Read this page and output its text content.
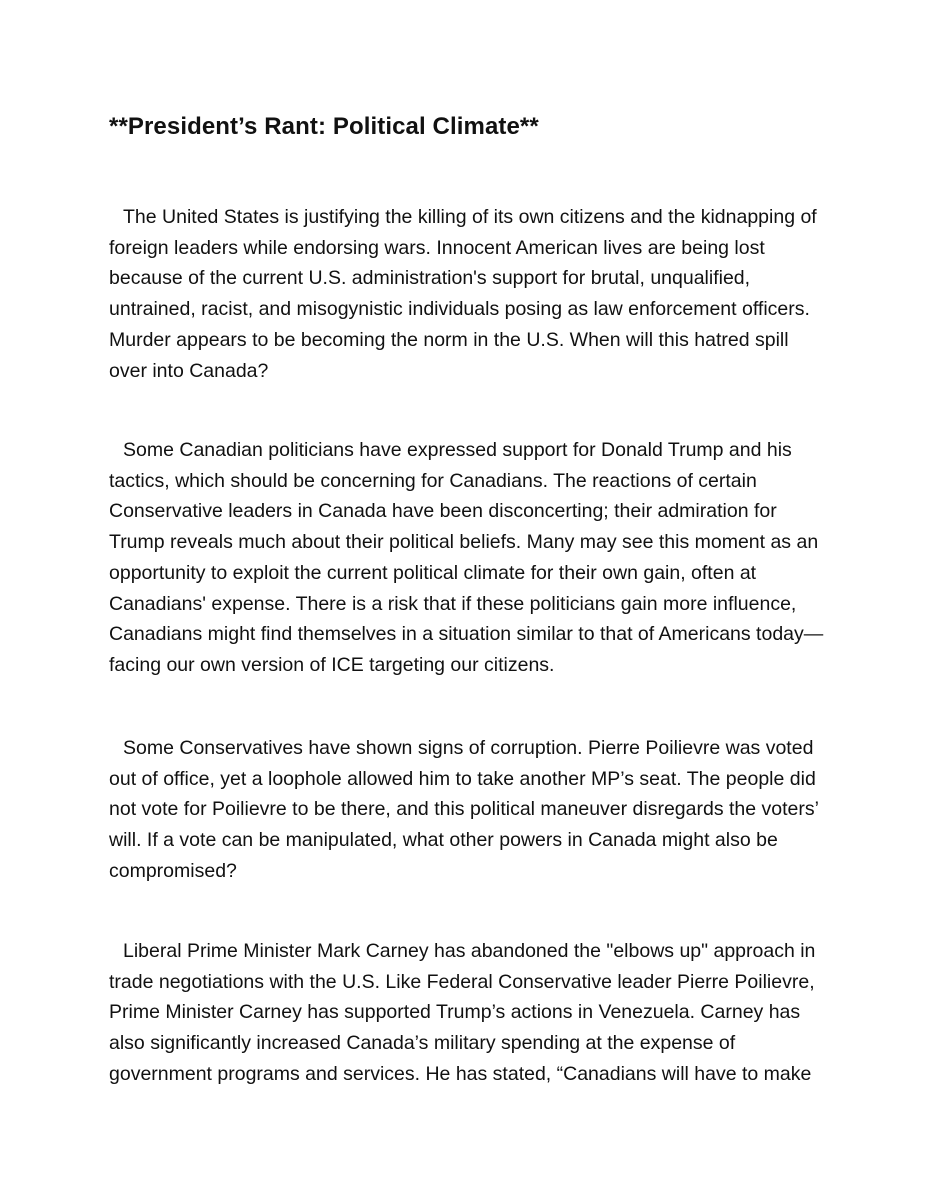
**President’s Rant: Political Climate**

The United States is justifying the killing of its own citizens and the kidnapping of foreign leaders while endorsing wars. Innocent American lives are being lost because of the current U.S. administration's support for brutal, unqualified, untrained, racist, and misogynistic individuals posing as law enforcement officers. Murder appears to be becoming the norm in the U.S. When will this hatred spill over into Canada?

Some Canadian politicians have expressed support for Donald Trump and his tactics, which should be concerning for Canadians. The reactions of certain Conservative leaders in Canada have been disconcerting; their admiration for Trump reveals much about their political beliefs. Many may see this moment as an opportunity to exploit the current political climate for their own gain, often at Canadians' expense. There is a risk that if these politicians gain more influence, Canadians might find themselves in a situation similar to that of Americans today—facing our own version of ICE targeting our citizens.

Some Conservatives have shown signs of corruption. Pierre Poilievre was voted out of office, yet a loophole allowed him to take another MP’s seat. The people did not vote for Poilievre to be there, and this political maneuver disregards the voters’ will. If a vote can be manipulated, what other powers in Canada might also be compromised?

Liberal Prime Minister Mark Carney has abandoned the "elbows up" approach in trade negotiations with the U.S. Like Federal Conservative leader Pierre Poilievre, Prime Minister Carney has supported Trump’s actions in Venezuela. Carney has also significantly increased Canada’s military spending at the expense of government programs and services. He has stated, “Canadians will have to make
